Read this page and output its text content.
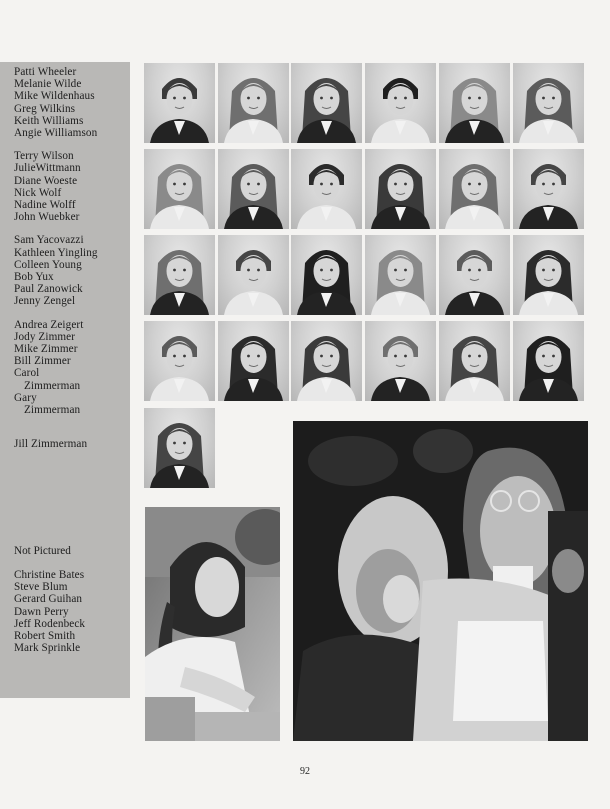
Patti Wheeler
Melanie Wilde
Mike Wildenhaus
Greg Wilkins
Keith Williams
Angie Williamson
Terry Wilson
JulieWittmann
Diane Woeste
Nick Wolf
Nadine Wolff
John Wuebker
Sam Yacovazzi
Kathleen Yingling
Colleen Young
Bob Yux
Paul Zanowick
Jenny Zengel
Andrea Zeigert
Jody Zimmer
Mike Zimmer
Bill Zimmer
Carol
Zimmerman
Gary
Zimmerman
Jill Zimmerman
Not Pictured
Christine Bates
Steve Blum
Gerard Guihan
Dawn Perry
Jeff Rodenbeck
Robert Smith
Mark Sprinkle
92
